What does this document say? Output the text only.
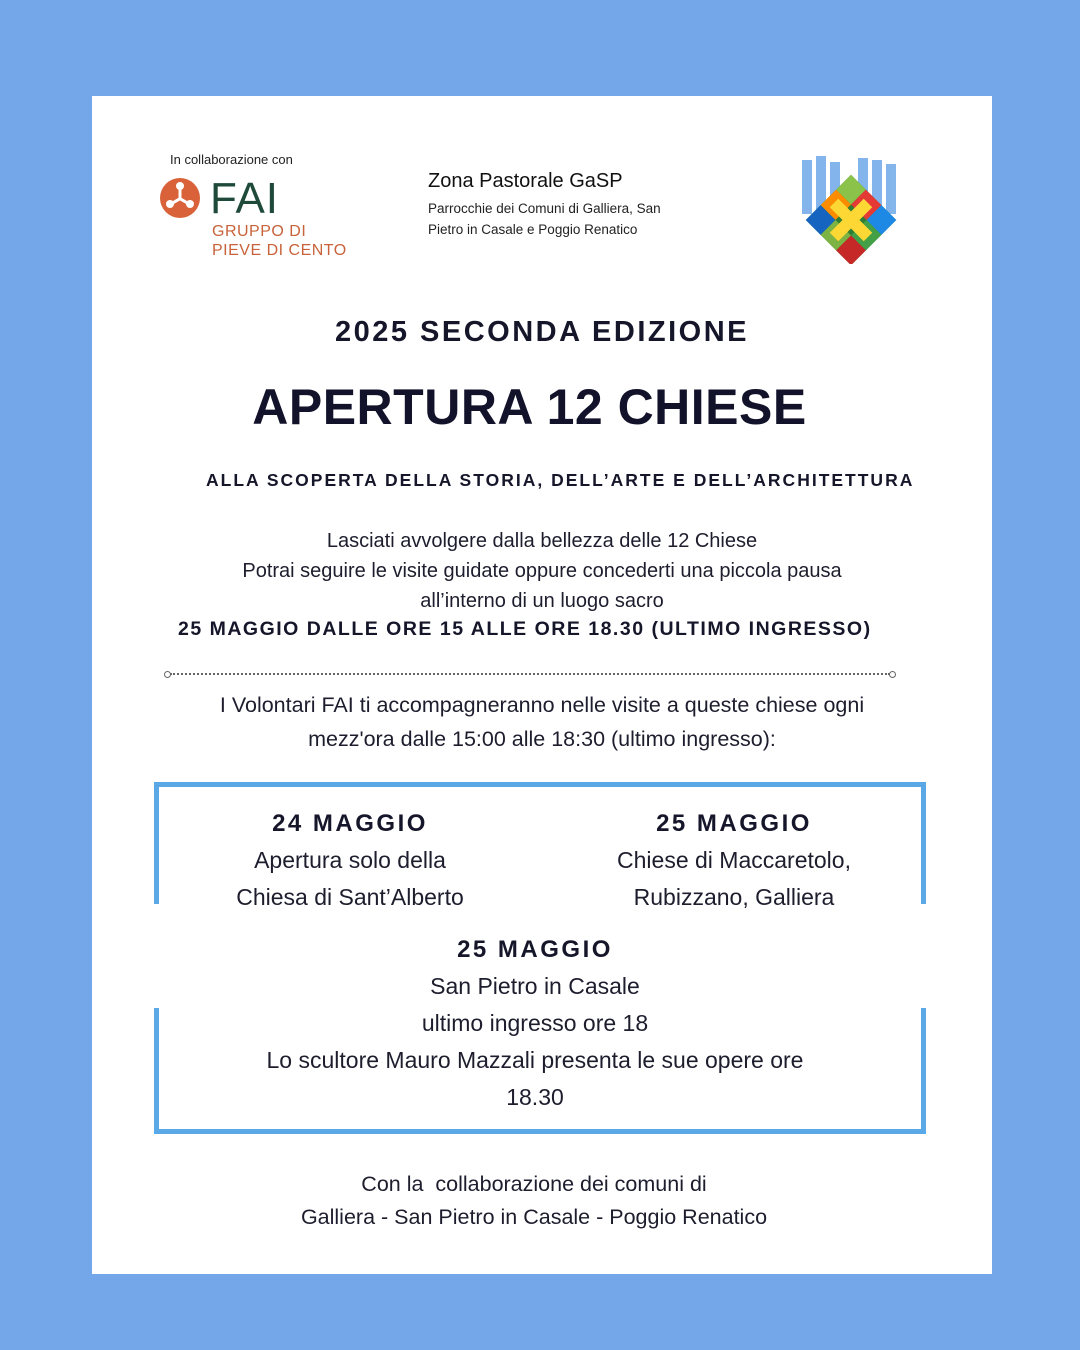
In collaborazione con
FAI
GRUPPO DI
PIEVE DI CENTO
Zona Pastorale GaSP
Parrocchie dei Comuni di Galliera, San Pietro in Casale e Poggio Renatico
2025 SECONDA EDIZIONE
APERTURA 12 CHIESE
ALLA SCOPERTA DELLA STORIA, DELL’ARTE E DELL’ARCHITETTURA
Lasciati avvolgere dalla bellezza delle 12 Chiese
Potrai seguire le visite guidate oppure concederti una piccola pausa
all’interno di un luogo sacro
25 MAGGIO DALLE ORE 15 ALLE ORE 18.30 (ULTIMO INGRESSO)
I Volontari FAI ti accompagneranno nelle visite a queste chiese ogni
mezz'ora dalle 15:00 alle 18:30 (ultimo ingresso):
24 MAGGIO
Apertura solo della
Chiesa di Sant’Alberto
25 MAGGIO
Chiese di Maccaretolo,
Rubizzano, Galliera
25 MAGGIO
San Pietro in Casale
ultimo ingresso ore 18
Lo scultore Mauro Mazzali presenta le sue opere ore
18.30
Con la  collaborazione dei comuni di
Galliera - San Pietro in Casale - Poggio Renatico
